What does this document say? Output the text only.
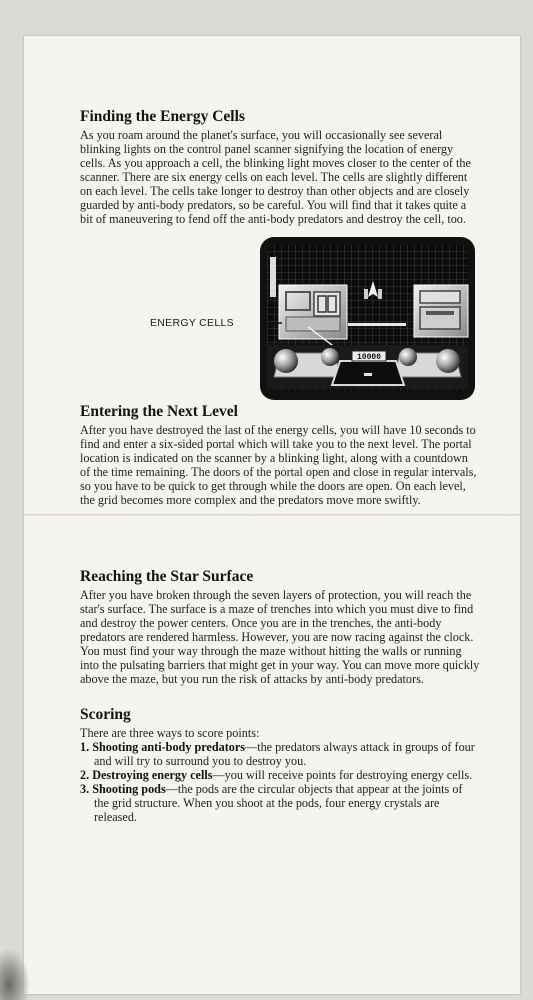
Finding the Energy Cells

As you roam around the planet's surface, you will occasionally see several blinking lights on the control panel scanner signifying the location of energy cells. As you approach a cell, the blinking light moves closer to the center of the scanner. There are six energy cells on each level. The cells are slightly different on each level. The cells take longer to destroy than other objects and are closely guarded by anti-body predators, so be careful. You will find that it takes quite a bit of maneuvering to fend off the anti-body predators and destroy the cell, too.

Entering the Next Level

After you have destroyed the last of the energy cells, you will have 10 seconds to find and enter a six-sided portal which will take you to the next level. The portal location is indicated on the scanner by a blinking light, along with a countdown of the time remaining. The doors of the portal open and close in regular intervals, so you have to be quick to get through while the doors are open. On each level, the grid becomes more complex and the predators move more swiftly.

Reaching the Star Surface

After you have broken through the seven layers of protection, you will reach the star's surface. The surface is a maze of trenches into which you must dive to find and destroy the power centers. Once you are in the trenches, the anti-body predators are rendered harmless. However, you are now racing against the clock. You must find your way through the maze without hitting the walls or running into the pulsating barriers that might get in your way. You can move more quickly above the maze, but you run the risk of attacks by anti-body predators.

Scoring

There are three ways to score points:

1. Shooting anti-body predators—the predators always attack in groups of four and will try to surround you to destroy you.
2. Destroying energy cells—you will receive points for destroying energy cells.
3. Shooting pods—the pods are the circular objects that appear at the joints of the grid structure. When you shoot at the pods, four energy crystals are released.
ENERGY CELLS
10000
